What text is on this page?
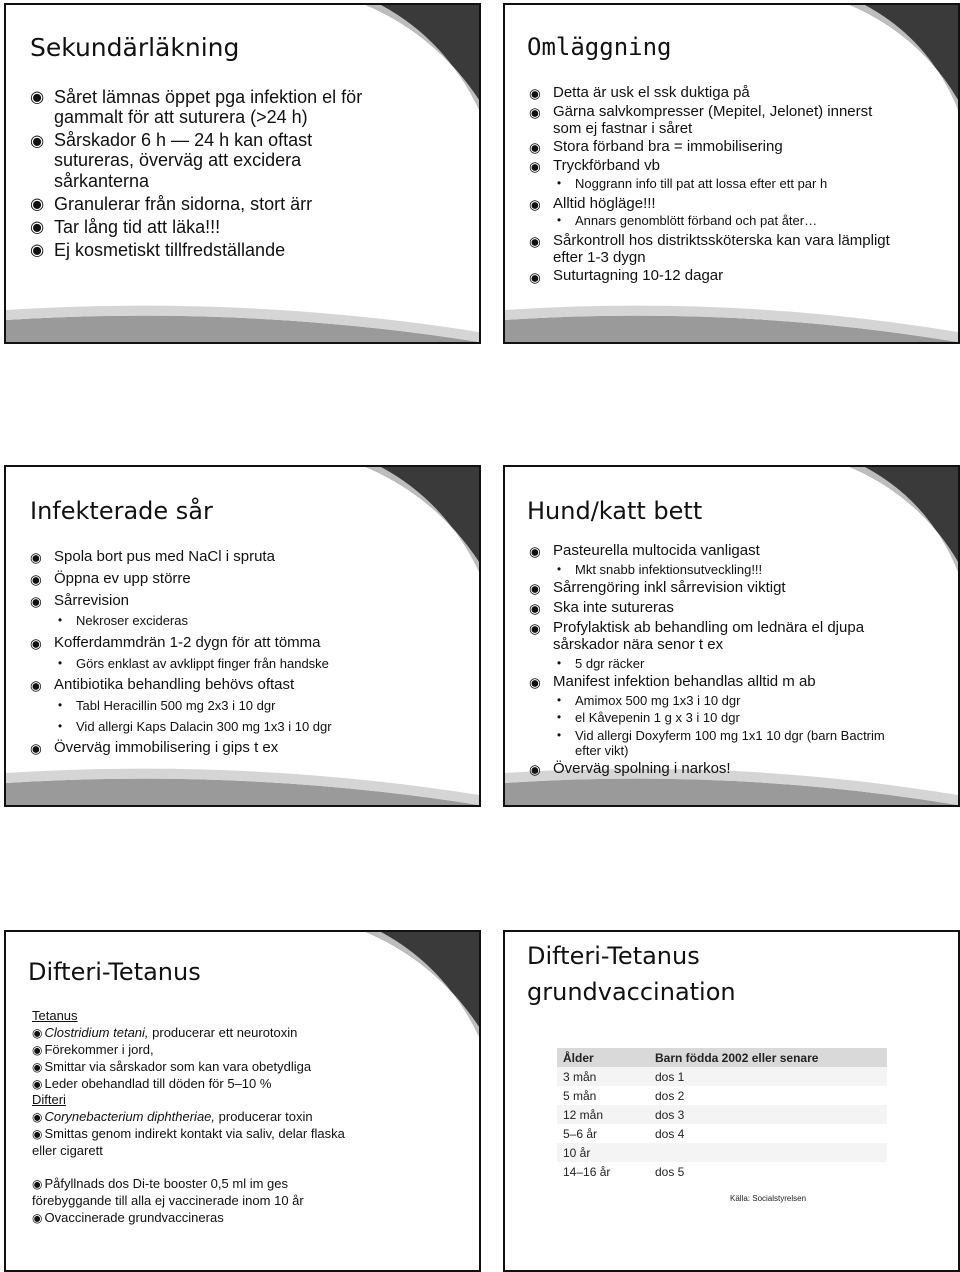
Sekundärläkning
◉ Såret lämnas öppet pga infektion el för gammalt för att suturera (>24 h)
◉ Sårskador 6 h — 24 h kan oftast sutureras, överväg att excidera sårkanterna
◉ Granulerar från sidorna, stort ärr
◉ Tar lång tid att läka!!!
◉ Ej kosmetiskt tillfredställande
Omläggning
◉ Detta är usk el ssk duktiga på
◉ Gärna salvkompresser (Mepitel, Jelonet) innerst som ej fastnar i såret
◉ Stora förband bra = immobilisering
◉ Tryckförband vb
• Noggrann info till pat att lossa efter ett par h
◉ Alltid högläge!!!
• Annars genomblött förband och pat åter…
◉ Sårkontroll hos distriktssköterska kan vara lämpligt efter 1-3 dygn
◉ Suturtagning 10-12 dagar
Infekterade sår
◉ Spola bort pus med NaCl i spruta
◉ Öppna ev upp större
◉ Sårrevision
• Nekroser excideras
◉ Kofferdammdrän 1-2 dygn för att tömma
• Görs enklast av avklippt finger från handske
◉ Antibiotika behandling behövs oftast
• Tabl Heracillin 500 mg 2x3 i 10 dgr
• Vid allergi Kaps Dalacin 300 mg 1x3 i 10 dgr
◉ Överväg immobilisering i gips t ex
Hund/katt bett
◉ Pasteurella multocida vanligast
• Mkt snabb infektionsutveckling!!!
◉ Sårrengöring inkl sårrevision viktigt
◉ Ska inte sutureras
◉ Profylaktisk ab behandling om lednära el djupa sårskador nära senor t ex
• 5 dgr räcker
◉ Manifest infektion behandlas alltid m ab
• Amimox 500 mg 1x3 i 10 dgr
• el Kåvepenin 1 g x 3 i 10 dgr
• Vid allergi Doxyferm 100 mg 1x1 10 dgr (barn Bactrim efter vikt)
◉ Överväg spolning i narkos!
Difteri-Tetanus
Tetanus
◉ Clostridium tetani, producerar ett neurotoxin
◉ Förekommer i jord,
◉ Smittar via sårskador som kan vara obetydliga
◉ Leder obehandlad till döden för 5–10 %
Difteri
◉ Corynebacterium diphtheriae, producerar toxin
◉ Smittas genom indirekt kontakt via saliv, delar flaska eller cigarett
◉ Påfyllnads dos Di-te booster 0,5 ml im ges förebyggande till alla ej vaccinerade inom 10 år
◉ Ovaccinerade grundvaccineras
Difteri-Tetanus
grundvaccination
Ålder	Barn födda 2002 eller senare
3 mån	dos 1
5 mån	dos 2
12 mån	dos 3
5–6 år	dos 4
10 år	
14–16 år	dos 5
Källa: Socialstyrelsen
